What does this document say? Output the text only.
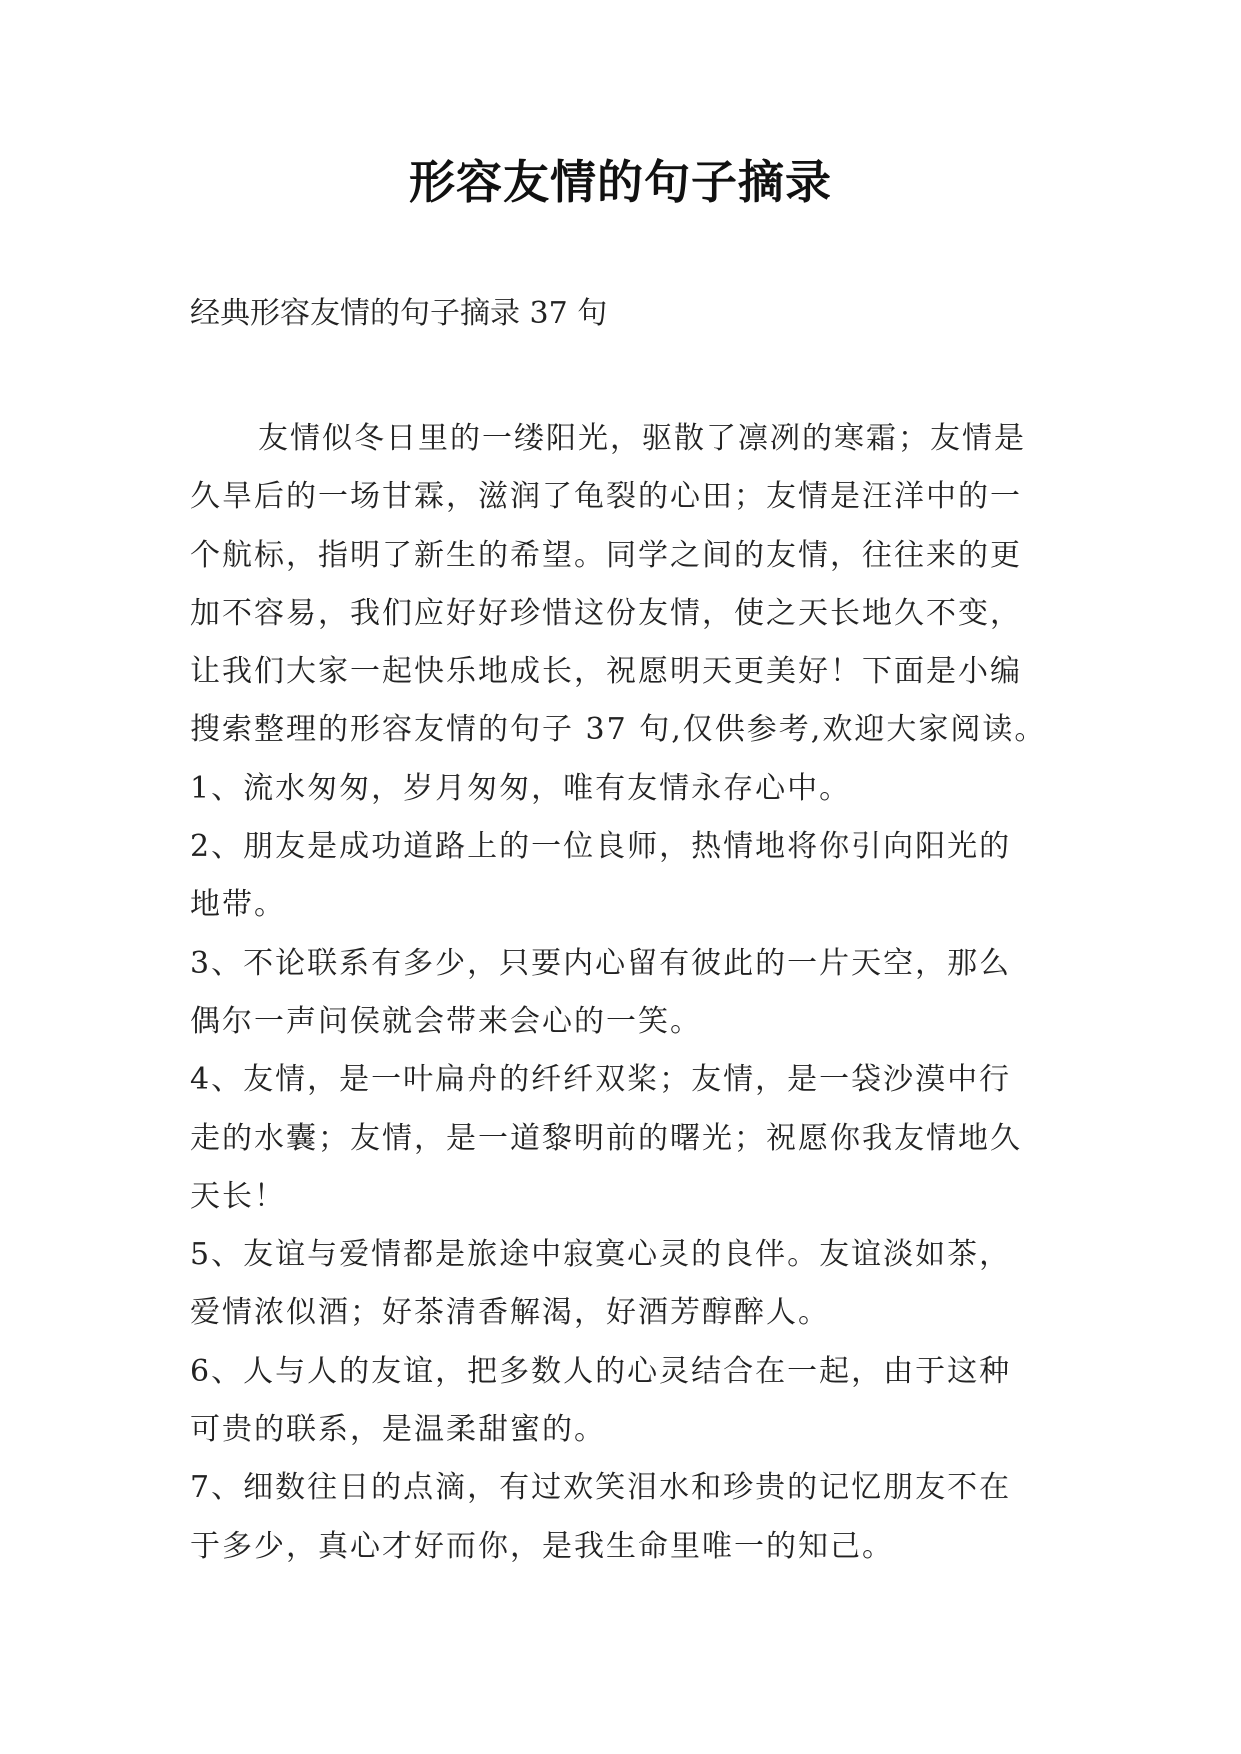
形容友情的句子摘录
经典形容友情的句子摘录 37 句
友情似冬日里的一缕阳光，驱散了凛冽的寒霜；友情是
久旱后的一场甘霖，滋润了龟裂的心田；友情是汪洋中的一
个航标，指明了新生的希望。同学之间的友情，往往来的更
加不容易，我们应好好珍惜这份友情，使之天长地久不变，
让我们大家一起快乐地成长，祝愿明天更美好！下面是小编
搜索整理的形容友情的句子 37 句,仅供参考,欢迎大家阅读。
1、流水匆匆，岁月匆匆，唯有友情永存心中。
2、朋友是成功道路上的一位良师，热情地将你引向阳光的
地带。
3、不论联系有多少，只要内心留有彼此的一片天空，那么
偶尔一声问侯就会带来会心的一笑。
4、友情，是一叶扁舟的纤纤双桨；友情，是一袋沙漠中行
走的水囊；友情，是一道黎明前的曙光；祝愿你我友情地久
天长！
5、友谊与爱情都是旅途中寂寞心灵的良伴。友谊淡如茶，
爱情浓似酒；好茶清香解渴，好酒芳醇醉人。
6、人与人的友谊，把多数人的心灵结合在一起，由于这种
可贵的联系，是温柔甜蜜的。
7、细数往日的点滴，有过欢笑泪水和珍贵的记忆朋友不在
于多少，真心才好而你，是我生命里唯一的知己。
